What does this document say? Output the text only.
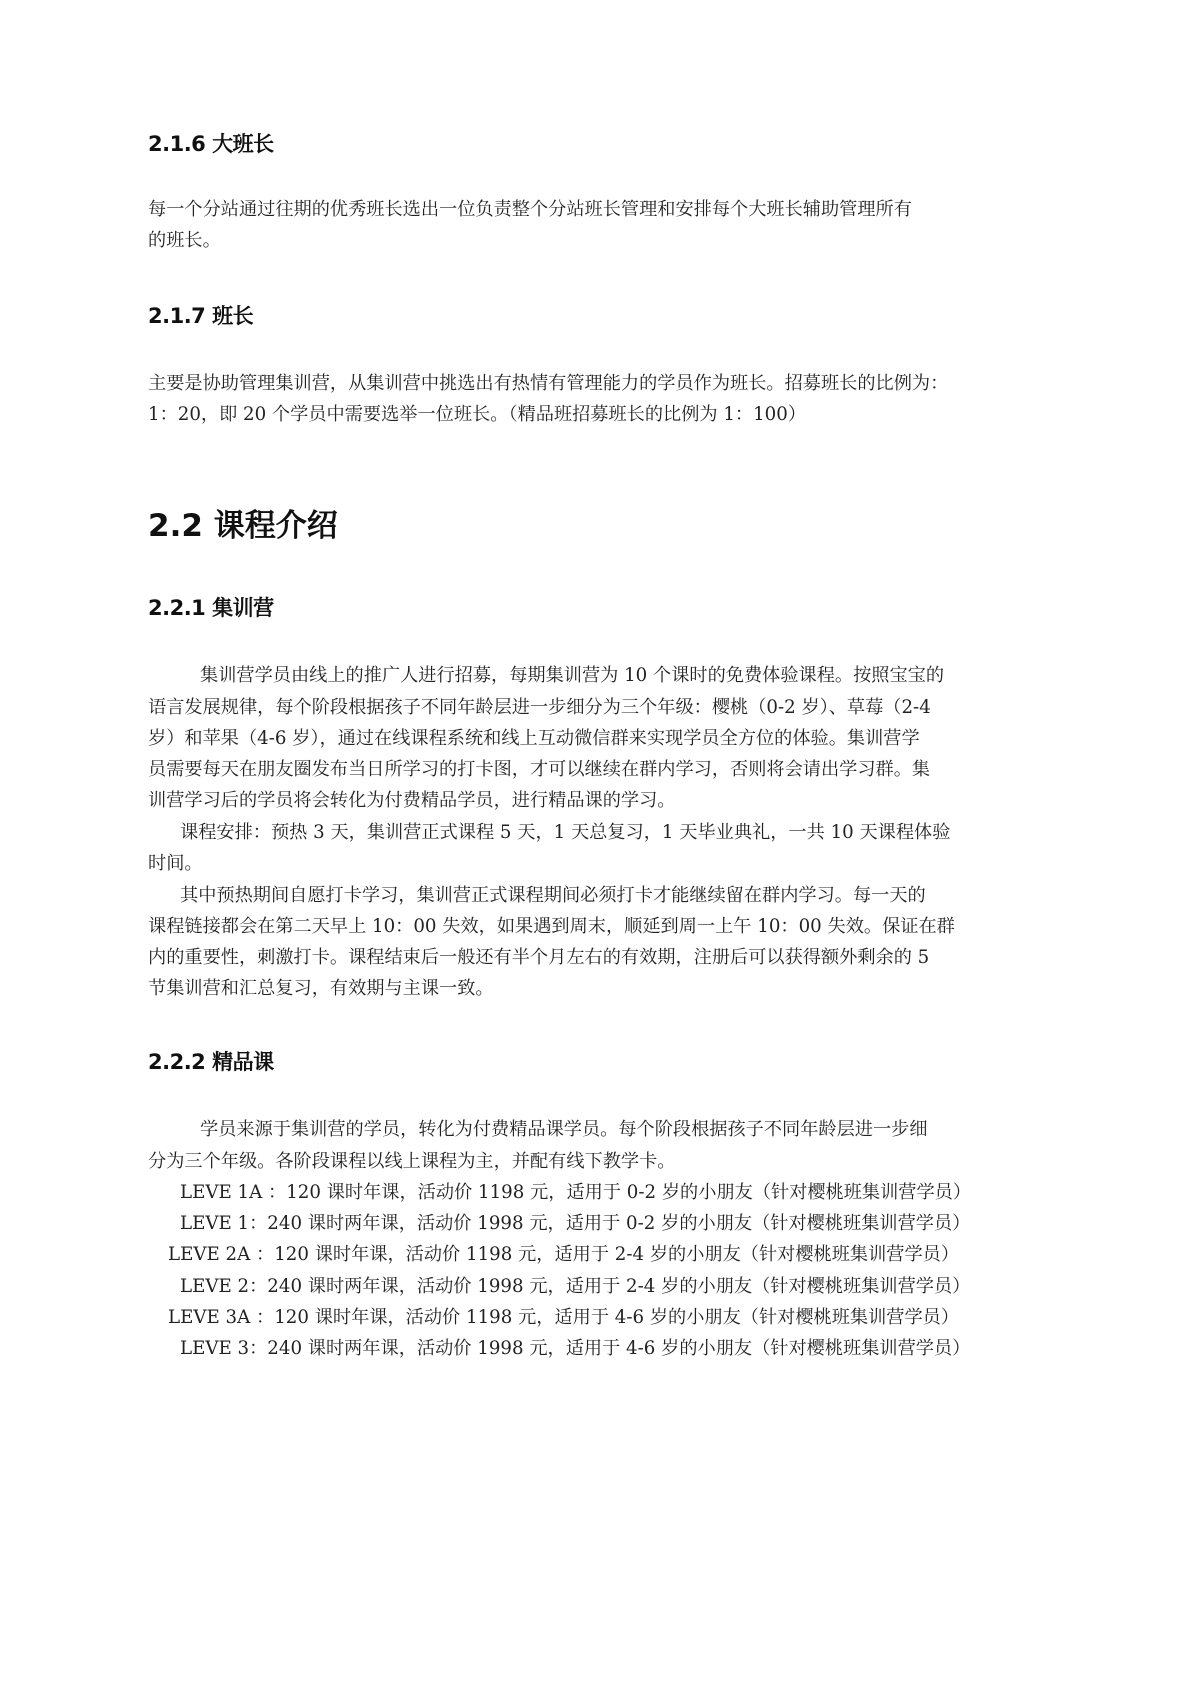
2.1.6 大班长
每一个分站通过往期的优秀班长选出一位负责整个分站班长管理和安排每个大班长辅助管理所有
的班长。
2.1.7 班长
主要是协助管理集训营，从集训营中挑选出有热情有管理能力的学员作为班长。招募班长的比例为：
1：20，即 20 个学员中需要选举一位班长。（精品班招募班长的比例为 1：100）
2.2 课程介绍
2.2.1 集训营
集训营学员由线上的推广人进行招募，每期集训营为 10 个课时的免费体验课程。按照宝宝的
语言发展规律，每个阶段根据孩子不同年龄层进一步细分为三个年级：樱桃（0-2 岁）、草莓（2-4
岁）和苹果（4-6 岁），通过在线课程系统和线上互动微信群来实现学员全方位的体验。集训营学
员需要每天在朋友圈发布当日所学习的打卡图，才可以继续在群内学习，否则将会请出学习群。集
训营学习后的学员将会转化为付费精品学员，进行精品课的学习。
课程安排：预热 3 天，集训营正式课程 5 天，1 天总复习，1 天毕业典礼，一共 10 天课程体验
时间。
其中预热期间自愿打卡学习，集训营正式课程期间必须打卡才能继续留在群内学习。每一天的
课程链接都会在第二天早上 10：00 失效，如果遇到周末，顺延到周一上午 10：00 失效。保证在群
内的重要性，刺激打卡。课程结束后一般还有半个月左右的有效期，注册后可以获得额外剩余的 5
节集训营和汇总复习，有效期与主课一致。
2.2.2 精品课
学员来源于集训营的学员，转化为付费精品课学员。每个阶段根据孩子不同年龄层进一步细
分为三个年级。各阶段课程以线上课程为主，并配有线下教学卡。
LEVE 1A ：120 课时年课，活动价 1198 元，适用于 0-2 岁的小朋友（针对樱桃班集训营学员）
LEVE 1：240 课时两年课，活动价 1998 元，适用于 0-2 岁的小朋友（针对樱桃班集训营学员）
LEVE 2A ：120 课时年课，活动价 1198 元，适用于 2-4 岁的小朋友（针对樱桃班集训营学员）
LEVE 2：240 课时两年课，活动价 1998 元，适用于 2-4 岁的小朋友（针对樱桃班集训营学员）
LEVE 3A ：120 课时年课，活动价 1198 元，适用于 4-6 岁的小朋友（针对樱桃班集训营学员）
LEVE 3：240 课时两年课，活动价 1998 元，适用于 4-6 岁的小朋友（针对樱桃班集训营学员）
